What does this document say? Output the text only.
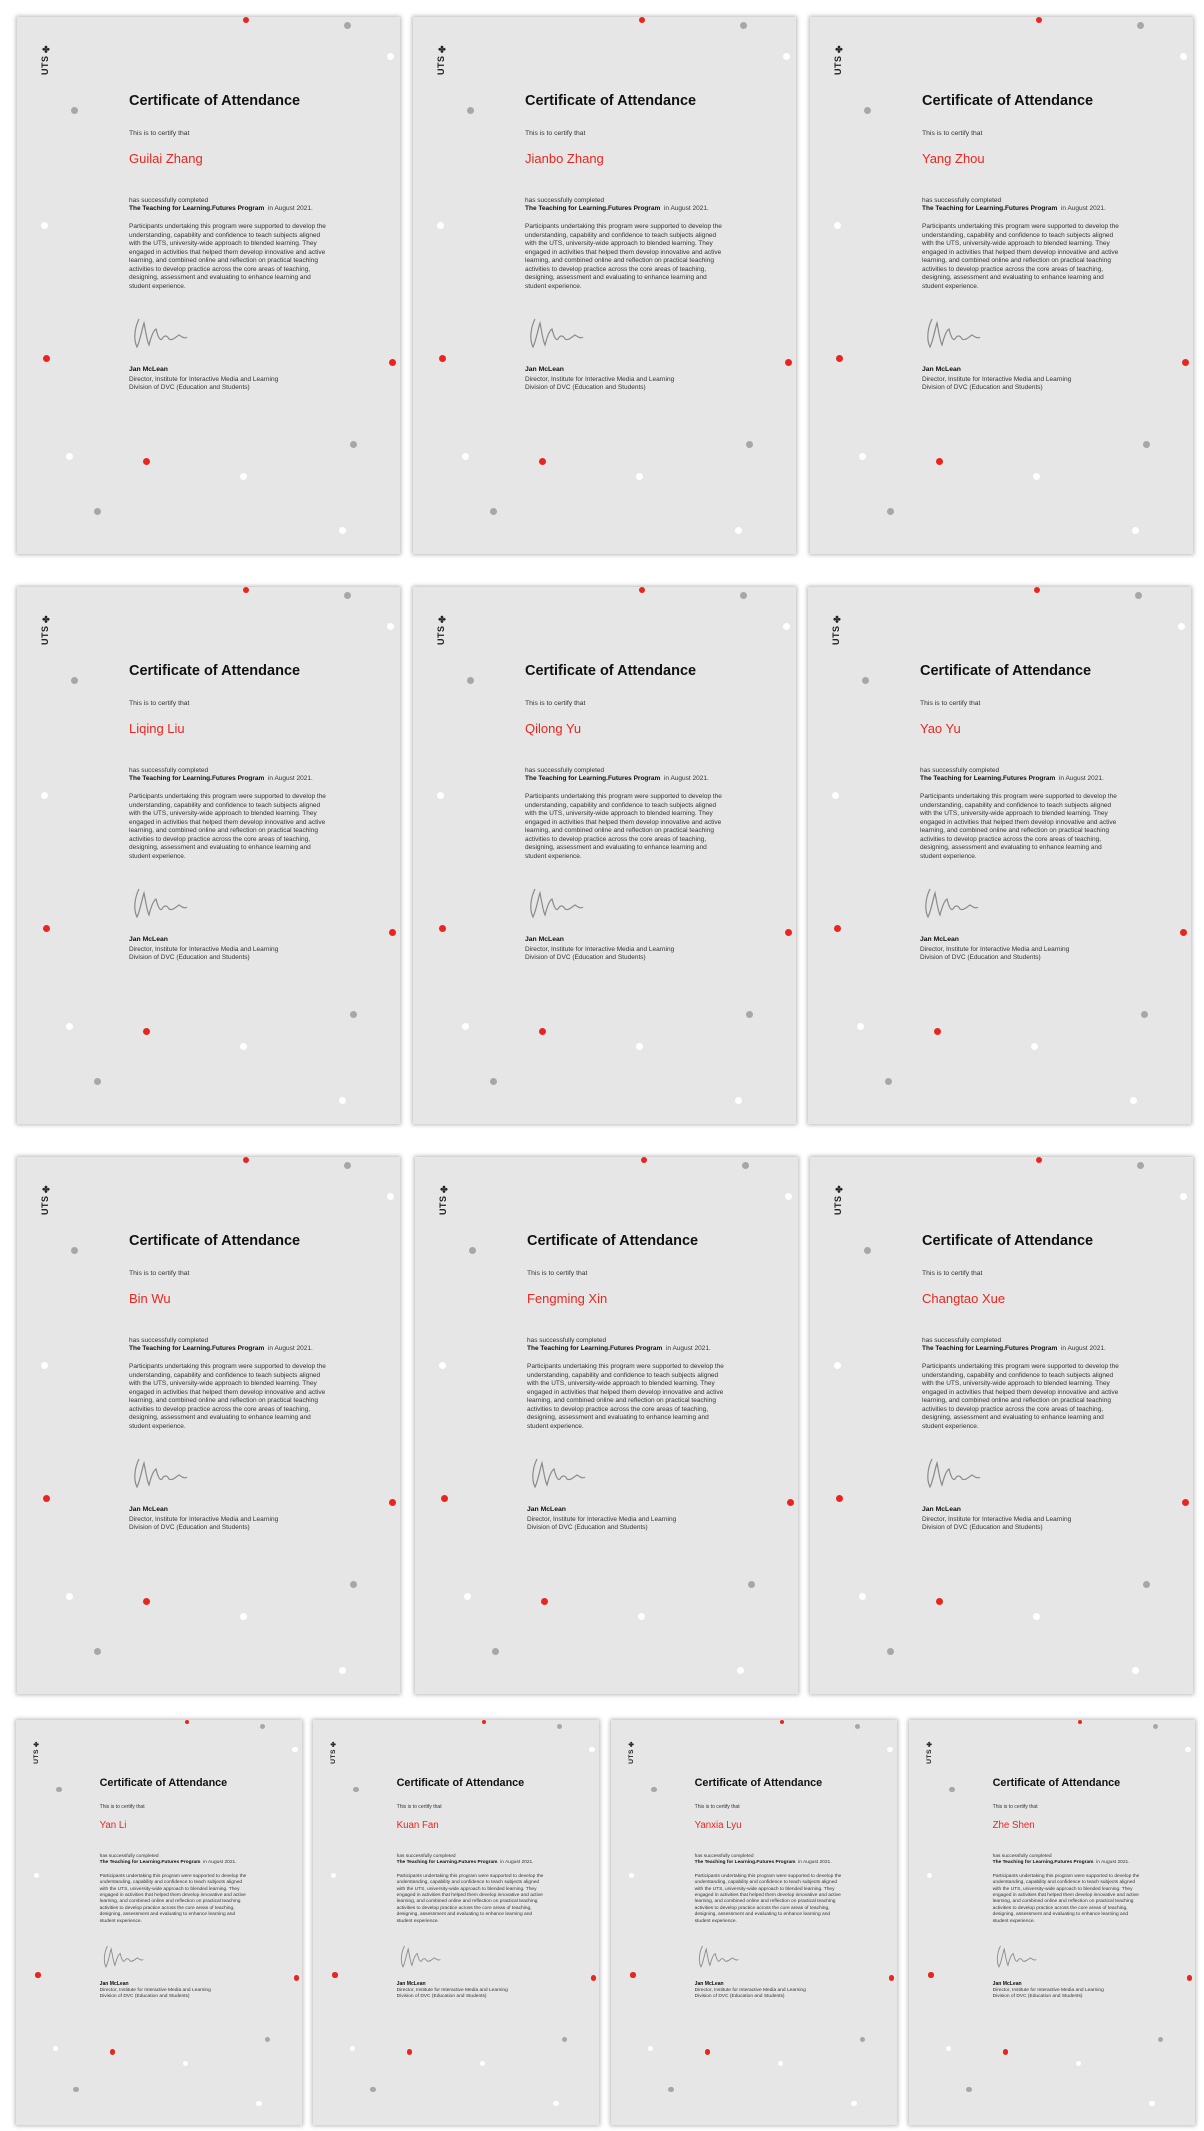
UTS✤
Certificate of Attendance
This is to certify that
Guilai Zhang
has successfully completed
The Teaching for Learning.Futures Program in August 2021.
Participants undertaking this program were supported to develop the understanding, capability and confidence to teach subjects aligned with the UTS, university-wide approach to blended learning. They engaged in activities that helped them develop innovative and active learning, and combined online and reflection on practical teaching activities to develop practice across the core areas of teaching, designing, assessment and evaluating to enhance learning and student experience.
Jan McLean
Director, Institute for Interactive Media and Learning
Division of DVC (Education and Students)
UTS✤
Certificate of Attendance
This is to certify that
Jianbo Zhang
has successfully completed
The Teaching for Learning.Futures Program in August 2021.
Participants undertaking this program were supported to develop the understanding, capability and confidence to teach subjects aligned with the UTS, university-wide approach to blended learning. They engaged in activities that helped them develop innovative and active learning, and combined online and reflection on practical teaching activities to develop practice across the core areas of teaching, designing, assessment and evaluating to enhance learning and student experience.
Jan McLean
Director, Institute for Interactive Media and Learning
Division of DVC (Education and Students)
UTS✤
Certificate of Attendance
This is to certify that
Yang Zhou
has successfully completed
The Teaching for Learning.Futures Program in August 2021.
Participants undertaking this program were supported to develop the understanding, capability and confidence to teach subjects aligned with the UTS, university-wide approach to blended learning. They engaged in activities that helped them develop innovative and active learning, and combined online and reflection on practical teaching activities to develop practice across the core areas of teaching, designing, assessment and evaluating to enhance learning and student experience.
Jan McLean
Director, Institute for Interactive Media and Learning
Division of DVC (Education and Students)
UTS✤
Certificate of Attendance
This is to certify that
Liqing Liu
has successfully completed
The Teaching for Learning.Futures Program in August 2021.
Participants undertaking this program were supported to develop the understanding, capability and confidence to teach subjects aligned with the UTS, university-wide approach to blended learning. They engaged in activities that helped them develop innovative and active learning, and combined online and reflection on practical teaching activities to develop practice across the core areas of teaching, designing, assessment and evaluating to enhance learning and student experience.
Jan McLean
Director, Institute for Interactive Media and Learning
Division of DVC (Education and Students)
UTS✤
Certificate of Attendance
This is to certify that
Qilong Yu
has successfully completed
The Teaching for Learning.Futures Program in August 2021.
Participants undertaking this program were supported to develop the understanding, capability and confidence to teach subjects aligned with the UTS, university-wide approach to blended learning. They engaged in activities that helped them develop innovative and active learning, and combined online and reflection on practical teaching activities to develop practice across the core areas of teaching, designing, assessment and evaluating to enhance learning and student experience.
Jan McLean
Director, Institute for Interactive Media and Learning
Division of DVC (Education and Students)
UTS✤
Certificate of Attendance
This is to certify that
Yao Yu
has successfully completed
The Teaching for Learning.Futures Program in August 2021.
Participants undertaking this program were supported to develop the understanding, capability and confidence to teach subjects aligned with the UTS, university-wide approach to blended learning. They engaged in activities that helped them develop innovative and active learning, and combined online and reflection on practical teaching activities to develop practice across the core areas of teaching, designing, assessment and evaluating to enhance learning and student experience.
Jan McLean
Director, Institute for Interactive Media and Learning
Division of DVC (Education and Students)
UTS✤
Certificate of Attendance
This is to certify that
Bin Wu
has successfully completed
The Teaching for Learning.Futures Program in August 2021.
Participants undertaking this program were supported to develop the understanding, capability and confidence to teach subjects aligned with the UTS, university-wide approach to blended learning. They engaged in activities that helped them develop innovative and active learning, and combined online and reflection on practical teaching activities to develop practice across the core areas of teaching, designing, assessment and evaluating to enhance learning and student experience.
Jan McLean
Director, Institute for Interactive Media and Learning
Division of DVC (Education and Students)
UTS✤
Certificate of Attendance
This is to certify that
Fengming Xin
has successfully completed
The Teaching for Learning.Futures Program in August 2021.
Participants undertaking this program were supported to develop the understanding, capability and confidence to teach subjects aligned with the UTS, university-wide approach to blended learning. They engaged in activities that helped them develop innovative and active learning, and combined online and reflection on practical teaching activities to develop practice across the core areas of teaching, designing, assessment and evaluating to enhance learning and student experience.
Jan McLean
Director, Institute for Interactive Media and Learning
Division of DVC (Education and Students)
UTS✤
Certificate of Attendance
This is to certify that
Changtao Xue
has successfully completed
The Teaching for Learning.Futures Program in August 2021.
Participants undertaking this program were supported to develop the understanding, capability and confidence to teach subjects aligned with the UTS, university-wide approach to blended learning. They engaged in activities that helped them develop innovative and active learning, and combined online and reflection on practical teaching activities to develop practice across the core areas of teaching, designing, assessment and evaluating to enhance learning and student experience.
Jan McLean
Director, Institute for Interactive Media and Learning
Division of DVC (Education and Students)
UTS✤
Certificate of Attendance
This is to certify that
Yan Li
has successfully completed
The Teaching for Learning.Futures Program in August 2021.
Participants undertaking this program were supported to develop the understanding, capability and confidence to teach subjects aligned with the UTS, university-wide approach to blended learning. They engaged in activities that helped them develop innovative and active learning, and combined online and reflection on practical teaching activities to develop practice across the core areas of teaching, designing, assessment and evaluating to enhance learning and student experience.
Jan McLean
Director, Institute for Interactive Media and Learning
Division of DVC (Education and Students)
UTS✤
Certificate of Attendance
This is to certify that
Kuan Fan
has successfully completed
The Teaching for Learning.Futures Program in August 2021.
Participants undertaking this program were supported to develop the understanding, capability and confidence to teach subjects aligned with the UTS, university-wide approach to blended learning. They engaged in activities that helped them develop innovative and active learning, and combined online and reflection on practical teaching activities to develop practice across the core areas of teaching, designing, assessment and evaluating to enhance learning and student experience.
Jan McLean
Director, Institute for Interactive Media and Learning
Division of DVC (Education and Students)
UTS✤
Certificate of Attendance
This is to certify that
Yanxia Lyu
has successfully completed
The Teaching for Learning.Futures Program in August 2021.
Participants undertaking this program were supported to develop the understanding, capability and confidence to teach subjects aligned with the UTS, university-wide approach to blended learning. They engaged in activities that helped them develop innovative and active learning, and combined online and reflection on practical teaching activities to develop practice across the core areas of teaching, designing, assessment and evaluating to enhance learning and student experience.
Jan McLean
Director, Institute for Interactive Media and Learning
Division of DVC (Education and Students)
UTS✤
Certificate of Attendance
This is to certify that
Zhe Shen
has successfully completed
The Teaching for Learning.Futures Program in August 2021.
Participants undertaking this program were supported to develop the understanding, capability and confidence to teach subjects aligned with the UTS, university-wide approach to blended learning. They engaged in activities that helped them develop innovative and active learning, and combined online and reflection on practical teaching activities to develop practice across the core areas of teaching, designing, assessment and evaluating to enhance learning and student experience.
Jan McLean
Director, Institute for Interactive Media and Learning
Division of DVC (Education and Students)
